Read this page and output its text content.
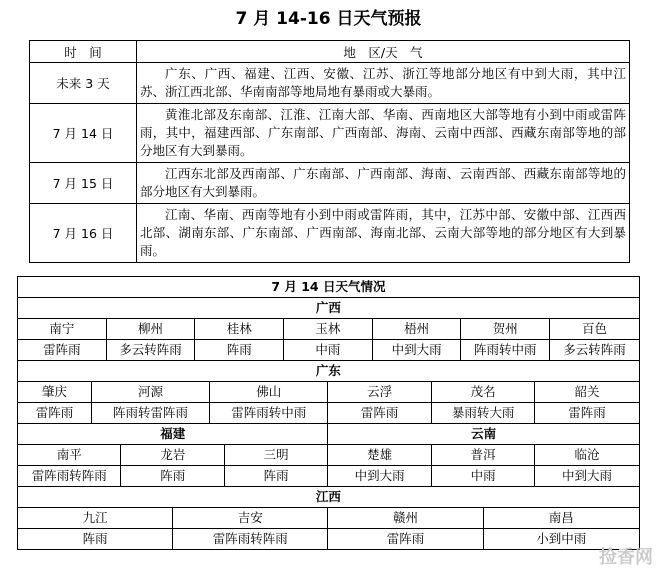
7 月 14-16 日天气预报
时　间	地　区/天　气
未来 3 天	广东、广西、福建、江西、安徽、江苏、浙江等地部分地区有中到大雨，其中江苏、浙江西北部、华南南部等地局地有暴雨或大暴雨。
7 月 14 日	黄淮北部及东南部、江淮、江南大部、华南、西南地区大部等地有小到中雨或雷阵雨，其中，福建西部、广东南部、广西南部、海南、云南中西部、西藏东南部等地的部分地区有大到暴雨。
7 月 15 日	江西东北部及西南部、广东南部、广西南部、海南、云南西部、西藏东南部等地的部分地区有大到暴雨。
7 月 16 日	江南、华南、西南等地有小到中雨或雷阵雨，其中，江苏中部、安徽中部、江西西北部、湖南东部、广东南部、广西南部、海南北部、云南大部等地的部分地区有大到暴雨。
7 月 14 日天气情况															
广西															
南宁		柳州			桂林			玉林		梧州		贺州			百色
雷阵雨		多云转阵雨			阵雨			中雨		中到大雨		阵雨转中雨			多云转阵雨
广东															
肇庆	河源					佛山			云浮		茂名			韶关	
雷阵雨	阵雨转雷阵雨					雷阵雨转中雨			雷阵雨		暴雨转大雨			雷阵雨	
福建									云南						
南平			龙岩				三明		楚雄		普洱			临沧	
雷阵雨转阵雨			阵雨				阵雨		中到大雨		中雨			中到大雨	
江西															
九江				吉安					赣州				南昌		
阵雨				雷阵雨转阵雨					雷阵雨				小到中雨		
捡香网
